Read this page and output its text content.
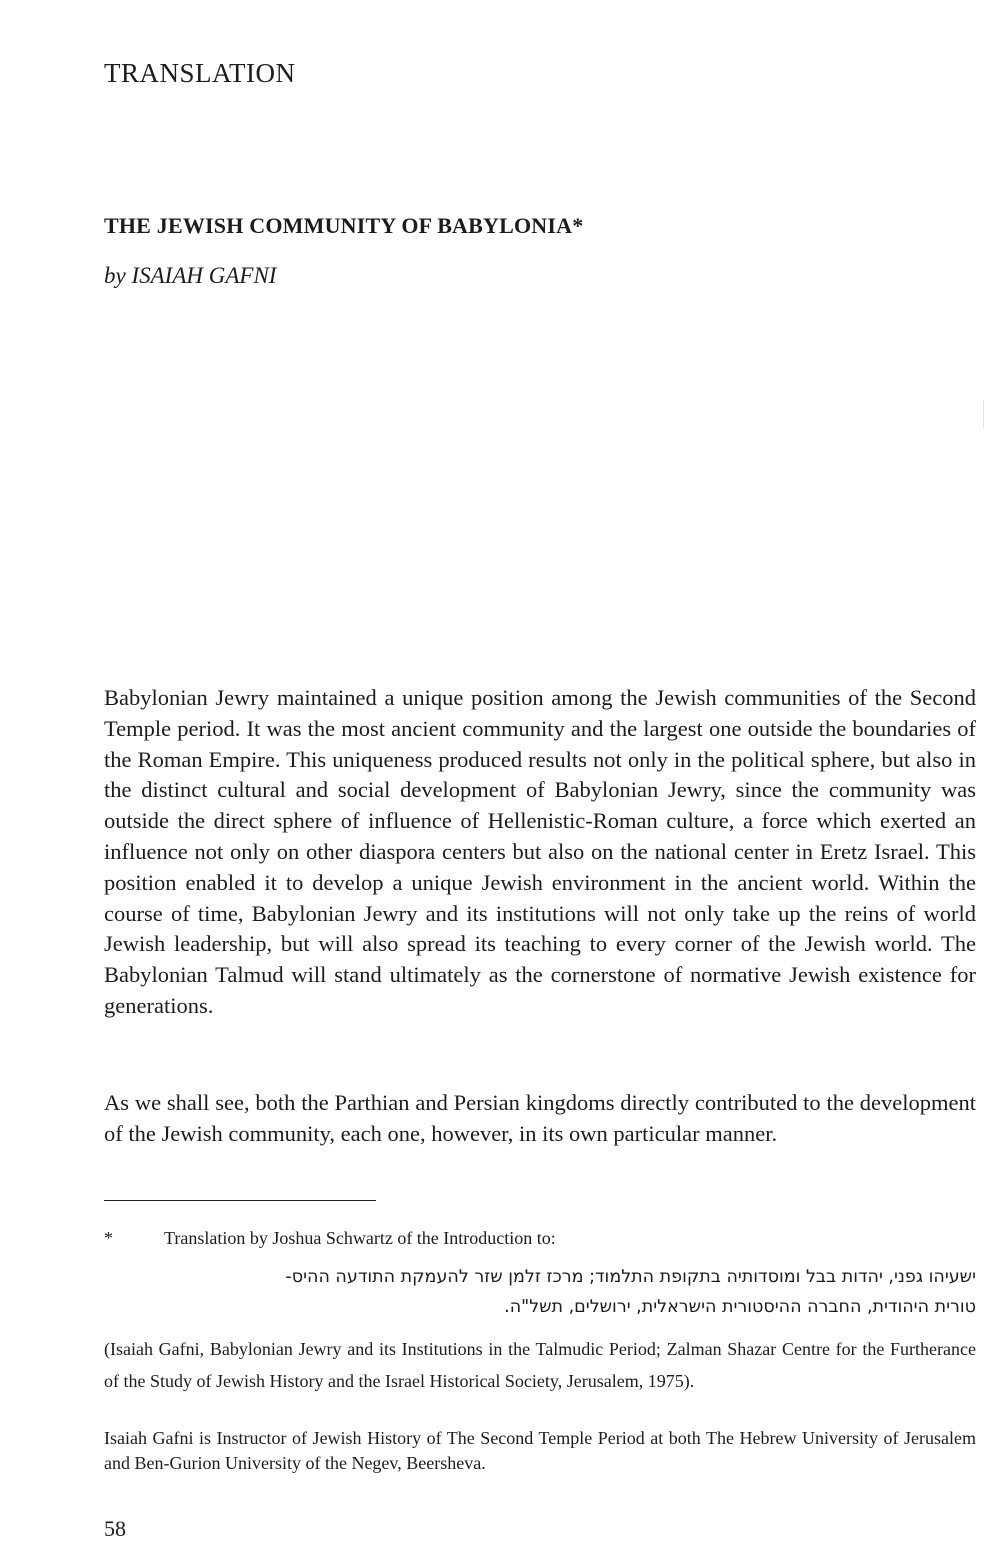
TRANSLATION
THE JEWISH COMMUNITY OF BABYLONIA*

by ISAIAH GAFNI

Babylonian Jewry maintained a unique position among the Jewish communities of the Second Temple period. It was the most ancient community and the largest one outside the boundaries of the Roman Empire. This uniqueness produced results not only in the political sphere, but also in the distinct cultural and social development of Babylonian Jewry, since the community was outside the direct sphere of influence of Hellenistic-Roman culture, a force which exerted an influence not only on other diaspora centers but also on the national center in Eretz Israel. This position enabled it to develop a unique Jewish environment in the ancient world. Within the course of time, Babylonian Jewry and its institutions will not only take up the reins of world Jewish leadership, but will also spread its teaching to every corner of the Jewish world. The Babylonian Talmud will stand ultimately as the cornerstone of normative Jewish existence for generations.

As we shall see, both the Parthian and Persian kingdoms directly contributed to the development of the Jewish community, each one, however, in its own particular manner.

*	Translation by Joshua Schwartz of the Introduction to:

ישעיהו גפני, יהדות בבל ומוסדותיה בתקופת התלמוד; מרכז זלמן שזר להעמקת התודעה ההיס-
טורית היהודית, החברה ההיסטורית הישראלית, ירושלים, תשל"ה.

(Isaiah Gafni, Babylonian Jewry and its Institutions in the Talmudic Period; Zalman Shazar Centre for the Furtherance of the Study of Jewish History and the Israel Historical Society, Jerusalem, 1975).

Isaiah Gafni is Instructor of Jewish History of The Second Temple Period at both The Hebrew University of Jerusalem and Ben-Gurion University of the Negev, Beersheva.

58
